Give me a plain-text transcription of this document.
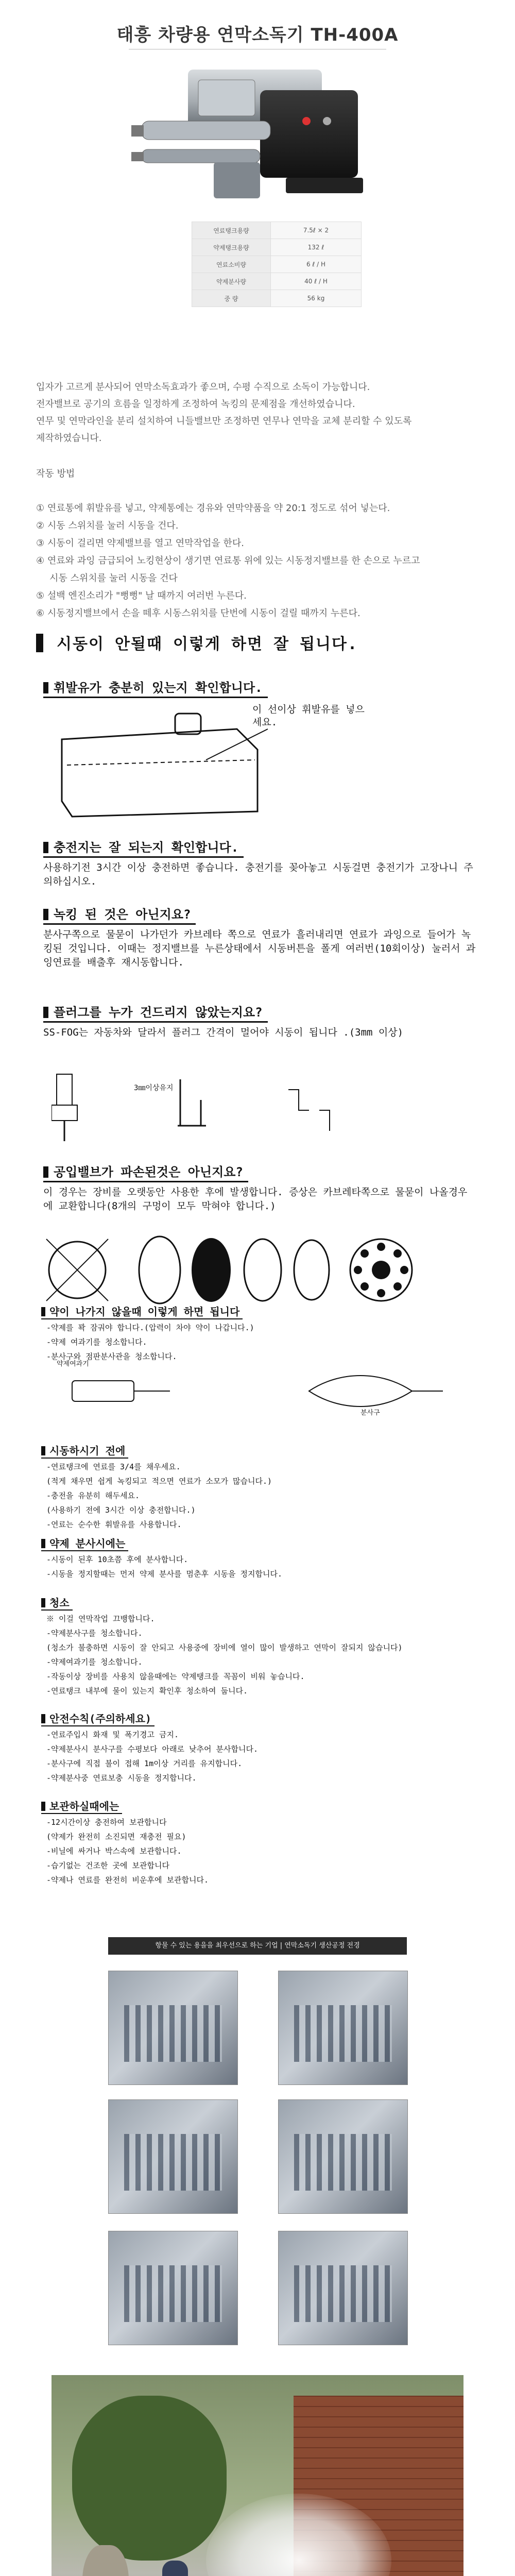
태흥 차량용 연막소독기 TH-400A
연료탱크용량	7.5ℓ × 2
약제탱크용량	132 ℓ
연료소비량	6 ℓ / H
약제분사량	40 ℓ / H
중 량	56 kg

입자가 고르게 분사되어 연막소독효과가 좋으며, 수평 수직으로 소독이 가능합니다.

전자밸브로 공기의 흐름을 일정하게 조정하여 녹킹의 문제점을 개선하였습니다.

연무 및 연막라인을 분리 설치하여 니들밸브만 조정하면 연무나 연막을 교체 분리할 수 있도록

제작하였습니다.

작동 방법

① 연료통에 휘발유를 넣고, 약제통에는 경유와 연막약품을 약 20:1 정도로 섞어 넣는다.

② 시동 스위치를 눌러 시동을 건다.

③ 시동이 걸리면 약제밸브를 열고 연막작업을 한다.

④ 연료와 과잉 금급되어 노킹현상이 생기면 연료통 위에 있는 시동정지밸브를 한 손으로 누르고

시동 스위치를 눌러 시동을 건다

⑤ 설백 엔진소리가 "뻥뻥" 날 때까지 여러번 누른다.

⑥ 시동정지밸브에서 손을 떼후 시동스위치를 단번에 시동이 걸릴 때까지 누른다.

시동이 안될때 이렇게 하면 잘 됩니다.
휘발유가 충분히 있는지 확인합니다.
이 선이상 휘발유를 넣으세요.
충전지는 잘 되는지 확인합니다.

사용하기전 3시간 이상 충전하면 좋습니다. 충전기를 꽂아놓고 시동걸면 충전기가 고장나니 주의하십시오.

녹킹 된 것은 아닌지요?

분사구쪽으로 물묻이 나가던가 카브레타 쪽으로 연료가 흘러내리면 연료가 과잉으로 들어가 녹킹된 것입니다. 이때는 정지밸브를 누른상태에서 시동버튼을 폴게 여러번(10회이상) 눌러서 과잉연료를 배출후 재시동합니다.

플러그를 누가 건드리지 않았는지요?

SS-FOG는 자동차와 달라서 플러그 간격이 멀어야 시동이 됩니다 .(3mm 이상)

3㎜이상유지
공입밸브가 파손된것은 아닌지요?

이 경우는 장비를 오랫동안 사용한 후에 발생합니다. 증상은 카브레타쪽으로 물묻이 나올경우에 교환합니다(8개의 구멍이 모두 막혀야 합니다.)

약이 나가지 않을때 이렇게 하면 됩니다

-약제를 꽉 잠궈야 합니다.(압력이 차야 약이 나갑니다.)

-약제 여과기를 청소합니다.

-분사구와 점판분사관을 청소합니다.

약제여과기
분사구
시동하시기 전에

-연료탱크에 연료를 3/4를 채우세요.

(적게 채우면 쉽게 녹킹되고 적으면 연료가 소모가 많습니다.)

-충전을 유분히 해두세요.

(사용하기 전에 3시간 이상 충전합니다.)

-연료는 순수한 휘발유를 사용합니다.

약제 분사시에는

-시동이 된후 10초쯤 후에 분사합니다.

-시동을 정지할때는 먼저 약제 분사를 멈춘후 시동을 정지합니다.

청소

※ 이걸 연막작업 끄뱅합니다.

-약제분사구를 청소합니다.

(청소가 불충하면 시동이 잘 안되고 사용중에 장비에 열이 많이 발생하고 연막이 잘되지 않습니다)

-약제여과기를 청소합니다.

-작동이상 장비를 사용치 않을때에는 약제탱크를 꼭꼼이 비워 놓습니다.

-연료탱크 내부에 물이 있는지 확인후 청소하여 둡니다.

안전수칙(주의하세요)

-연료주입시 화재 및 폭기경고 금지.

-약제분사시 분사구를 수평보다 아래로 낮추어 분사합니다.

-분사구에 직접 불이 접해 1m이상 거리를 유지합니다.

-약제분사중 연료보충 시동을 정지합니다.

보관하실때에는

-12시간이상 충전하여 보관합니다

(약제가 완전히 소진되면 재충전 필요)

-비닐에 싸거나 박스속에 보관합니다.

-습기없는 건조한 곳에 보관합니다

-약제나 연료를 완전히 비운후에 보관합니다.

항물 수 있는 용을을 최우선으로 하는 기업 | 연막소독기 생산공정 전경
